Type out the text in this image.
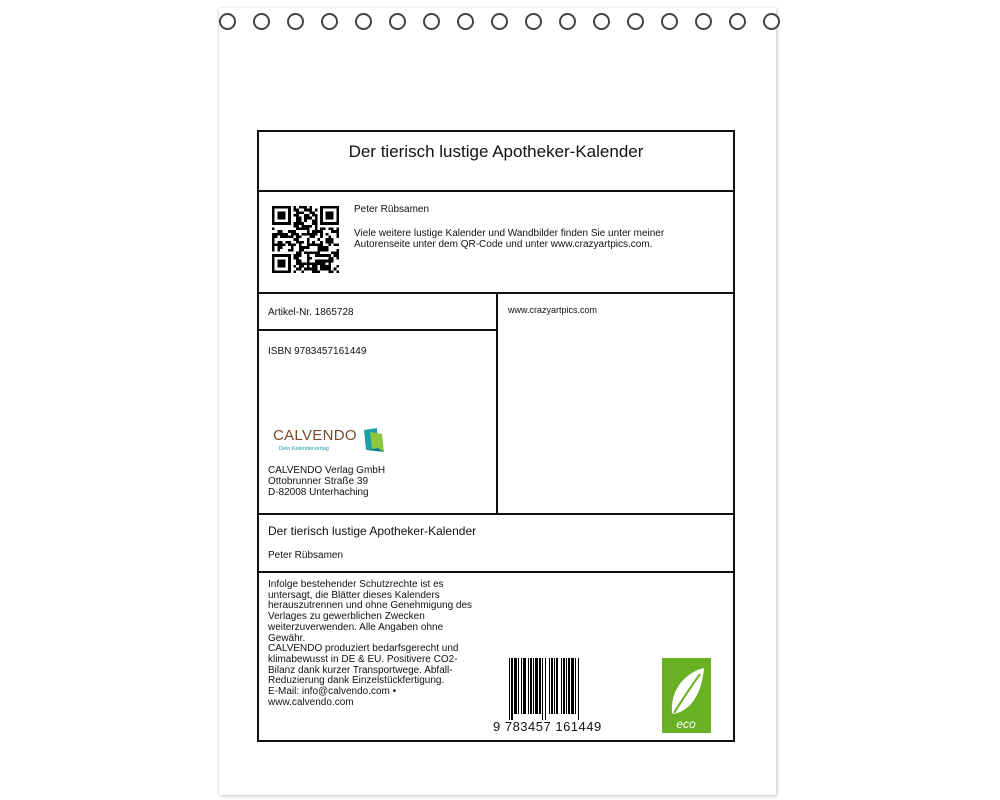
Der tierisch lustige Apotheker-Kalender
Peter Rübsamen
Viele weitere lustige Kalender und Wandbilder finden Sie unter meiner
Autorenseite unter dem QR-Code und unter www.crazyartpics.com.
Artikel-Nr. 1865728	www.crazyartpics.com
ISBN 9783457161449
CALVENDO
Dein Kalenderverlag
CALVENDO Verlag GmbH
Ottobrunner Straße 39
D-82008 Unterhaching
Der tierisch lustige Apotheker-Kalender
Peter Rübsamen
Infolge bestehender Schutzrechte ist es
untersagt, die Blätter dieses Kalenders
herauszutrennen und ohne Genehmigung des
Verlages zu gewerblichen Zwecken
weiterzuverwenden. Alle Angaben ohne
Gewähr.
CALVENDO produziert bedarfsgerecht und
klimabewusst in DE & EU. Positivere CO2-
Bilanz dank kurzer Transportwege. Abfall-
Reduzierung dank Einzelstückfertigung.
E-Mail: info@calvendo.com •
www.calvendo.com
9 783457 161449	eco
